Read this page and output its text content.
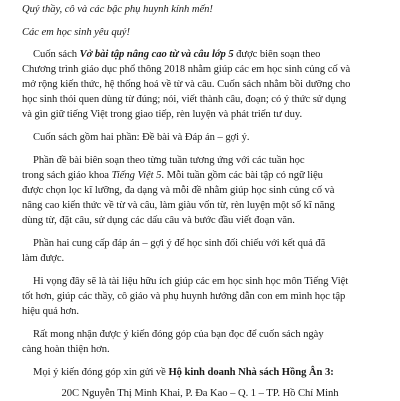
Quý thầy, cô và các bậc phụ huynh kính mến!
Các em học sinh yêu quý!
Cuốn sách Vở bài tập nâng cao từ và câu lớp 5 được biên soạn theo
Chương trình giáo dục phổ thông 2018 nhằm giúp các em học sinh củng cố và
mở rộng kiến thức, hệ thống hoá về từ và câu. Cuốn sách nhằm bồi dưỡng cho
học sinh thói quen dùng từ đúng; nói, viết thành câu, đoạn; có ý thức sử dụng
và gìn giữ tiếng Việt trong giao tiếp, rèn luyện và phát triển tư duy.
Cuốn sách gồm hai phần: Đề bài và Đáp án – gợi ý.
Phần đề bài biên soạn theo từng tuần tương ứng với các tuần học
trong sách giáo khoa Tiếng Việt 5. Mỗi tuần gồm các bài tập có ngữ liệu
được chọn lọc kĩ lưỡng, đa dạng và mỗi đề nhằm giúp học sinh củng cố và
nâng cao kiến thức về từ và câu, làm giàu vốn từ, rèn luyện một số kĩ năng
dùng từ, đặt câu, sử dụng các dấu câu và bước đầu viết đoạn văn.
Phần hai cung cấp đáp án – gợi ý để học sinh đối chiếu với kết quả đã
làm được.
Hi vọng đây sẽ là tài liệu hữu ích giúp các em học sinh học môn Tiếng Việt
tốt hơn, giúp các thầy, cô giáo và phụ huynh hướng dẫn con em mình học tập
hiệu quả hơn.
Rất mong nhận được ý kiến đóng góp của bạn đọc để cuốn sách ngày
càng hoàn thiện hơn.
Mọi ý kiến đóng góp xin gửi về Hộ kinh doanh Nhà sách Hồng Ân 3:
20C Nguyễn Thị Minh Khai, P. Đa Kao – Q. 1 – TP. Hồ Chí Minh
